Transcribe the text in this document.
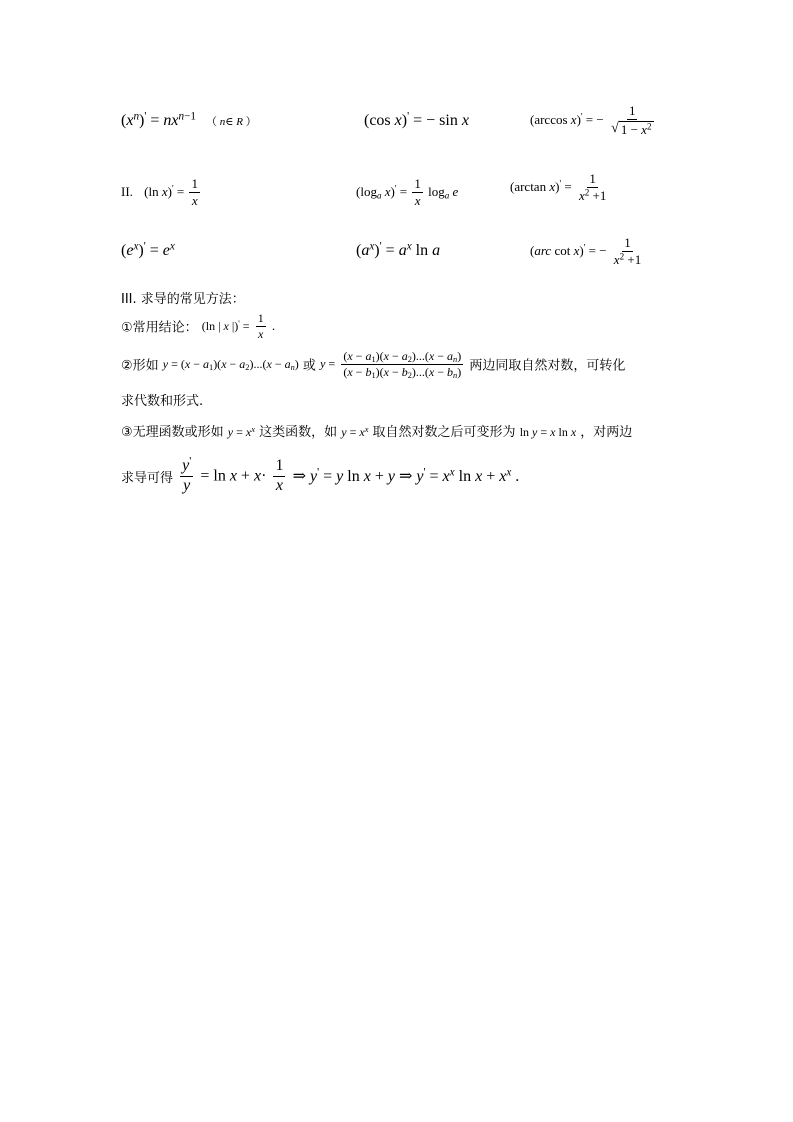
$(x^n)' = nx^{n-1}$ （ n∈ R ）	(cos x)' = − sin x	(arccos x)' = − $\frac{1}{√ 1 - x^2}$
II. (ln $x)' = \frac{1}{x}$	($\log_a$ $x)' = \frac{1}{x} \log_a e$	(arctan $x)' = \frac{1}{x^2 +1}$
$(e^x)' = e^x$	$(a^x)' = a^x$ ln a	(arc cot x)' = − $\frac{1}{x^2 +1}$
III. 求导的常见方法：
①常用结论： (ln | x $|)' = \frac{1}{x}$ .
②形如 $y = (x - a_1)(x - a_2)...(x - a_n)$ 或 $y = \frac{(x - a_1)(x - a_2)...(x - a_n)}{(x - b_1)(x - b_2)...(x - b_n)}$ 两边同取自然对数，可转化
求代数和形式.
③无理函数或形如 $y = x^x$ 这类函数，如 $y = x^x$ 取自然对数之后可变形为 ln y = x ln x ，对两边
求导可得 $\frac{y'}{y} = \ln x + x\cdot \frac{1}{x}$ ⇒ y' = y ln x + y ⇒ $y' = x^x$ $\ln x + x^x$ .
